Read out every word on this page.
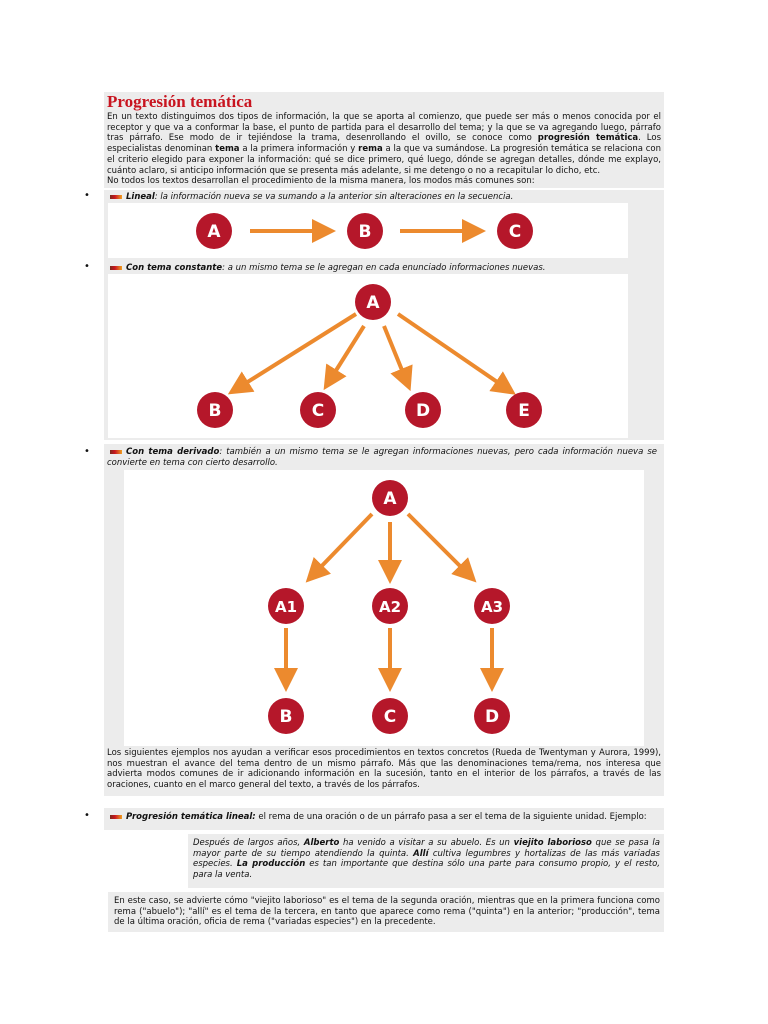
Progresión temática

En un texto distinguimos dos tipos de información, la que se aporta al comienzo, que puede ser más o menos conocida por el receptor y que va a conformar la base, el punto de partida para el desarrollo del tema; y la que se va agregando luego, párrafo tras párrafo. Ese modo de ir tejiéndose la trama, desenrollando el ovillo, se conoce como progresión temática. Los especialistas denominan tema a la primera información y rema a la que va sumándose. La progresión temática se relaciona con el criterio elegido para exponer la información: qué se dice primero, qué luego, dónde se agregan detalles, dónde me explayo, cuánto aclaro, si anticipo información que se presenta más adelante, si me detengo o no a recapitular lo dicho, etc.
No todos los textos desarrollan el procedimiento de la misma manera, los modos más comunes son:

•	Lineal: la información nueva se va sumando a la anterior sin alteraciones en la secuencia.

A	B	C
•	Con tema constante: a un mismo tema se le agregan en cada enunciado informaciones nuevas.

A
B	C	D	E
•	Con tema derivado: también a un mismo tema se le agregan informaciones nuevas, pero cada información nueva se convierte en tema con cierto desarrollo.

A
A1	A2	A3
B	C	D

Los siguientes ejemplos nos ayudan a verificar esos procedimientos en textos concretos (Rueda de Twentyman y Aurora, 1999), nos muestran el avance del tema dentro de un mismo párrafo. Más que las denominaciones tema/rema, nos interesa que advierta modos comunes de ir adicionando información en la sucesión, tanto en el interior de los párrafos, a través de las oraciones, cuanto en el marco general del texto, a través de los párrafos.

•	Progresión temática lineal: el rema de una oración o de un párrafo pasa a ser el tema de la siguiente unidad. Ejemplo:

Después de largos años, Alberto ha venido a visitar a su abuelo. Es un viejito laborioso que se pasa la mayor parte de su tiempo atendiendo la quinta. Allí cultiva legumbres y hortalizas de las más variadas especies. La producción es tan importante que destina sólo una parte para consumo propio, y el resto, para la venta.

En este caso, se advierte cómo "viejito laborioso" es el tema de la segunda oración, mientras que en la primera funciona como rema ("abuelo"); "allí" es el tema de la tercera, en tanto que aparece como rema ("quinta") en la anterior; "producción", tema de la última oración, oficia de rema ("variadas especies") en la precedente.
